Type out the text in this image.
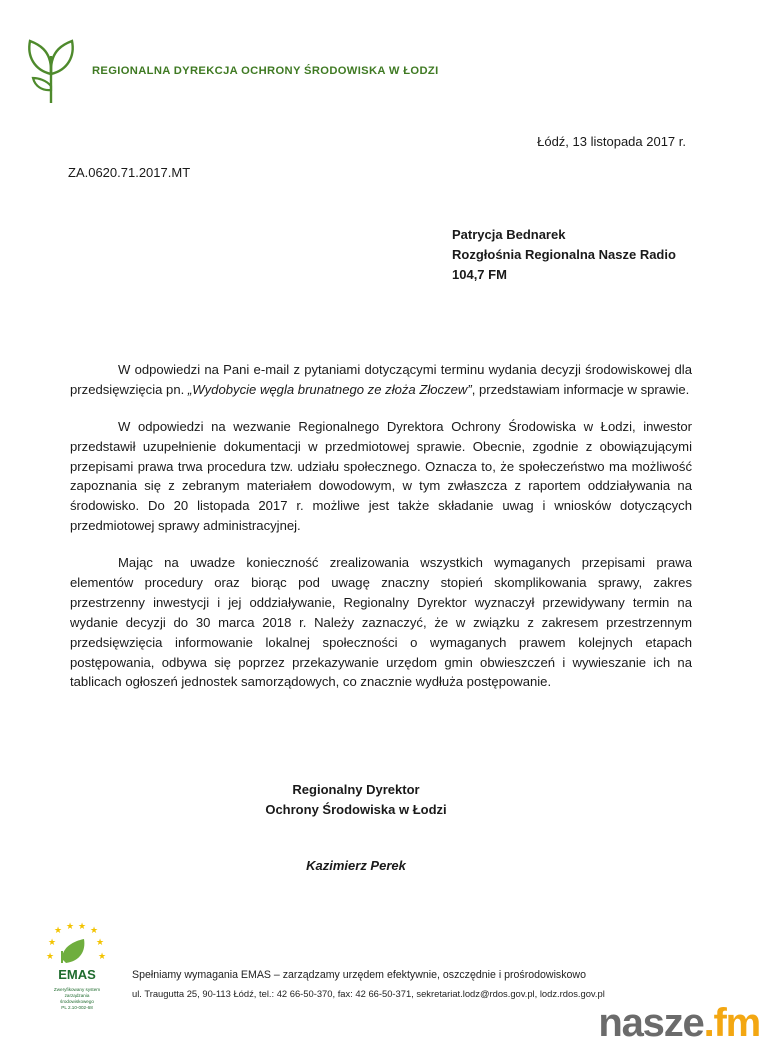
REGIONALNA DYREKCJA OCHRONY ŚRODOWISKA W ŁODZI
Łódź, 13 listopada 2017 r.
ZA.0620.71.2017.MT
Patrycja Bednarek
Rozgłośnia Regionalna Nasze Radio
104,7 FM

W odpowiedzi na Pani e-mail z pytaniami dotyczącymi terminu wydania decyzji środowiskowej dla przedsięwzięcia pn. „Wydobycie węgla brunatnego ze złoża Złoczew”, przedstawiam informacje w sprawie.

W odpowiedzi na wezwanie Regionalnego Dyrektora Ochrony Środowiska w Łodzi, inwestor przedstawił uzupełnienie dokumentacji w przedmiotowej sprawie. Obecnie, zgodnie z obowiązującymi przepisami prawa trwa procedura tzw. udziału społecznego. Oznacza to, że społeczeństwo ma możliwość zapoznania się z zebranym materiałem dowodowym, w tym zwłaszcza z raportem oddziaływania na środowisko. Do 20 listopada 2017 r. możliwe jest także składanie uwag i wniosków dotyczących przedmiotowej sprawy administracyjnej.

Mając na uwadze konieczność zrealizowania wszystkich wymaganych przepisami prawa elementów procedury oraz biorąc pod uwagę znaczny stopień skomplikowania sprawy, zakres przestrzenny inwestycji i jej oddziaływanie, Regionalny Dyrektor wyznaczył przewidywany termin na wydanie decyzji do 30 marca 2018 r. Należy zaznaczyć, że w związku z zakresem przestrzennym przedsięwzięcia informowanie lokalnej społeczności o wymaganych prawem kolejnych etapach postępowania, odbywa się poprzez przekazywanie urzędom gmin obwieszczeń i wywieszanie ich na tablicach ogłoszeń jednostek samorządowych, co znacznie wydłuża postępowanie.

Regionalny Dyrektor
Ochrony Środowiska w Łodzi
Kazimierz Perek
★ ★ ★ ★
★	★
★	★
EMAS
Zweryfikowany system
zarządzania
środowiskowego
PL 2.10-002-68
Spełniamy wymagania EMAS – zarządzamy urzędem efektywnie, oszczędnie i prośrodowiskowo
ul. Traugutta 25, 90-113 Łódź, tel.: 42 66-50-370, fax: 42 66-50-371, sekretariat.lodz@rdos.gov.pl, lodz.rdos.gov.pl
nasze.fm
